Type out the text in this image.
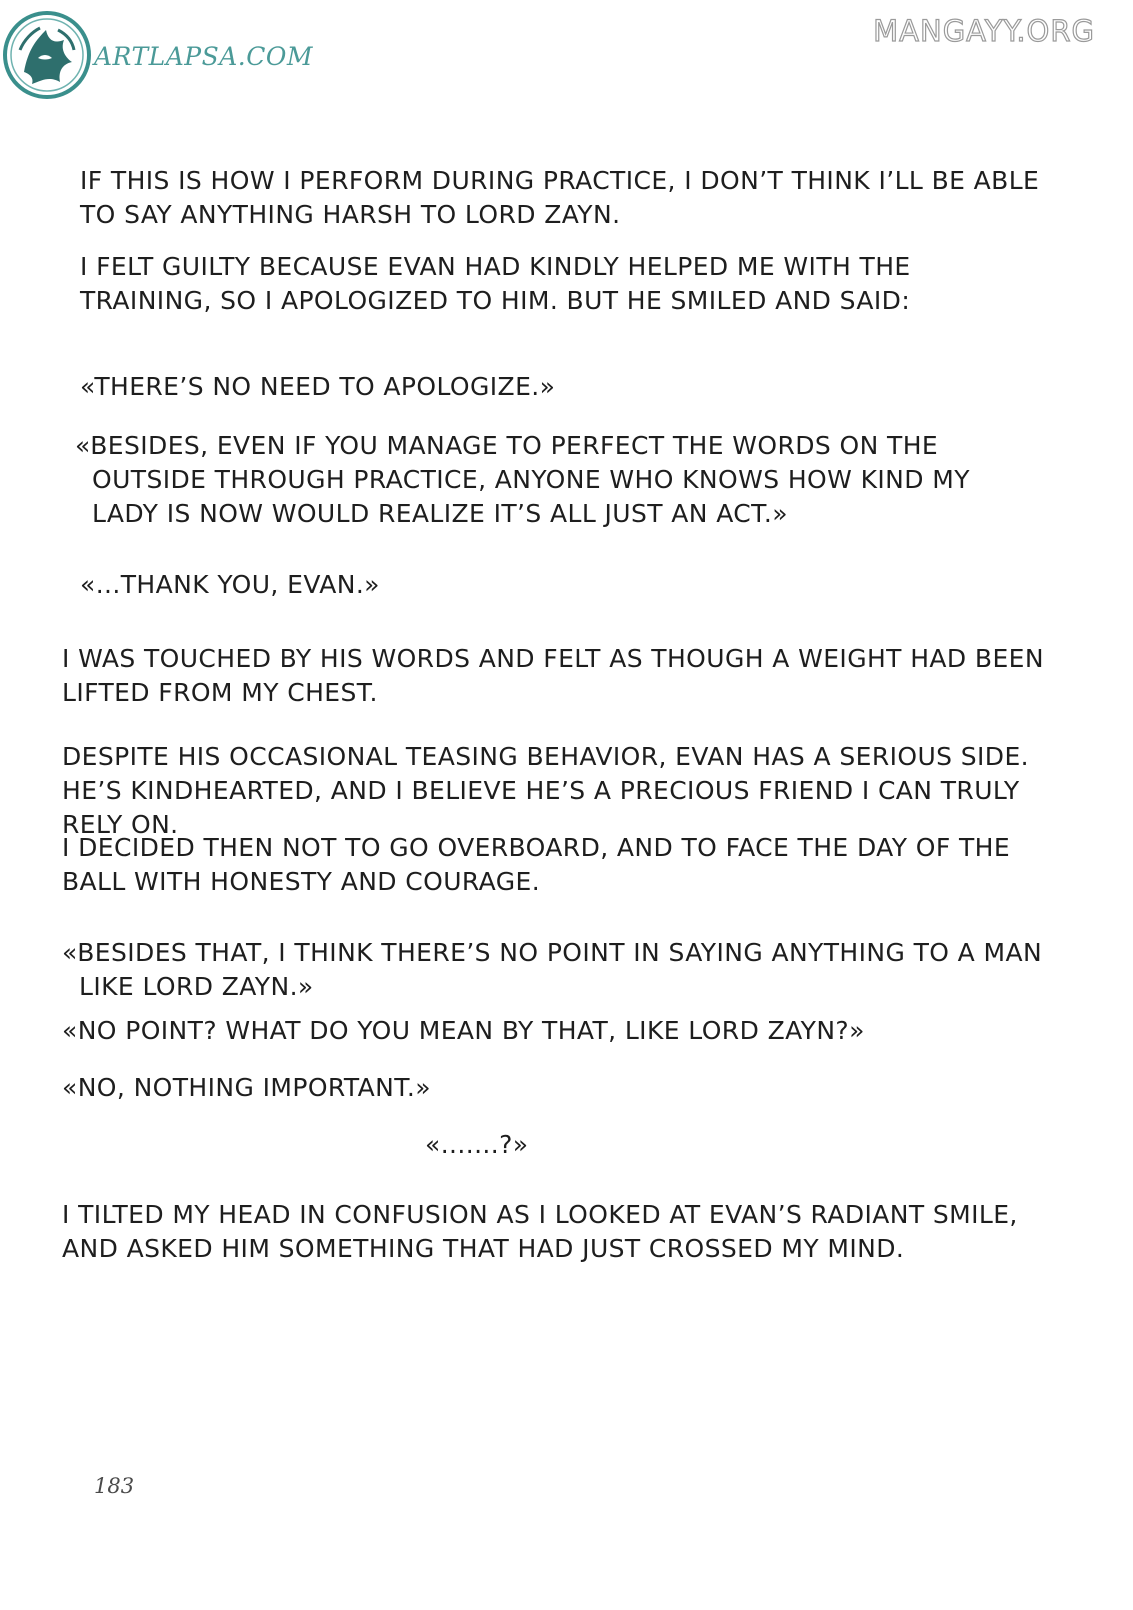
ARTLAPSA.COM
MANGAYY.ORG

IF THIS IS HOW I PERFORM DURING PRACTICE, I DON’T THINK I’LL BE ABLE TO SAY ANYTHING HARSH TO LORD ZAYN.

I FELT GUILTY BECAUSE EVAN HAD KINDLY HELPED ME WITH THE TRAINING, SO I APOLOGIZED TO HIM. BUT HE SMILED AND SAID:

«THERE’S NO NEED TO APOLOGIZE.»

«BESIDES, EVEN IF YOU MANAGE TO PERFECT THE WORDS ON THE OUTSIDE THROUGH PRACTICE, ANYONE WHO KNOWS HOW KIND MY LADY IS NOW WOULD REALIZE IT’S ALL JUST AN ACT.»

«...THANK YOU, EVAN.»

I WAS TOUCHED BY HIS WORDS AND FELT AS THOUGH A WEIGHT HAD BEEN LIFTED FROM MY CHEST.

DESPITE HIS OCCASIONAL TEASING BEHAVIOR, EVAN HAS A SERIOUS SIDE. HE’S KINDHEARTED, AND I BELIEVE HE’S A PRECIOUS FRIEND I CAN TRULY RELY ON.

I DECIDED THEN NOT TO GO OVERBOARD, AND TO FACE THE DAY OF THE BALL WITH HONESTY AND COURAGE.

«BESIDES THAT, I THINK THERE’S NO POINT IN SAYING ANYTHING TO A MAN LIKE LORD ZAYN.»

«NO POINT? WHAT DO YOU MEAN BY THAT, LIKE LORD ZAYN?»

«NO, NOTHING IMPORTANT.»

«.......?»

I TILTED MY HEAD IN CONFUSION AS I LOOKED AT EVAN’S RADIANT SMILE, AND ASKED HIM SOMETHING THAT HAD JUST CROSSED MY MIND.

183
